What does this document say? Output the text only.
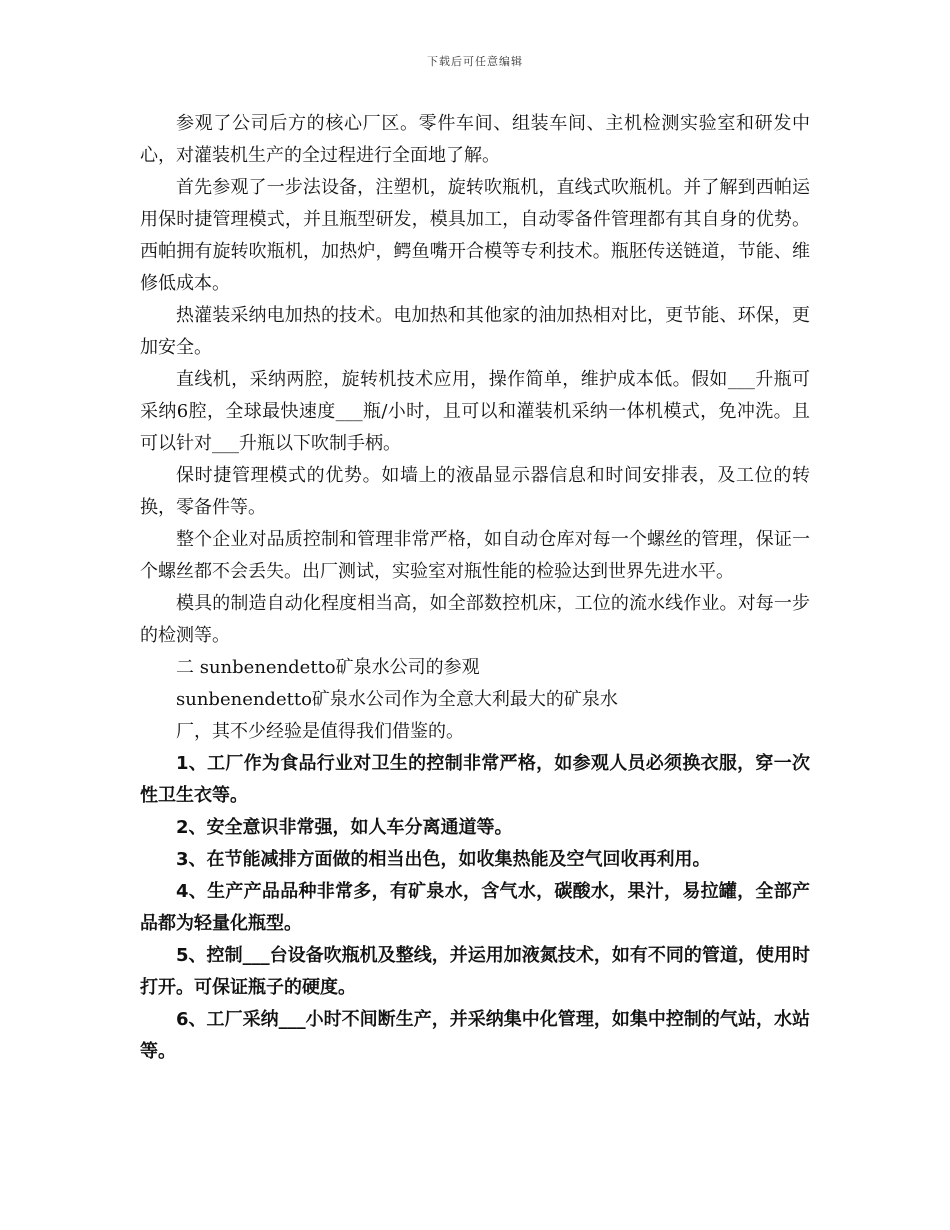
下载后可任意编辑

参观了公司后方的核心厂区。零件车间、组装车间、主机检测实验室和研发中心，对灌装机生产的全过程进行全面地了解。

首先参观了一步法设备，注塑机，旋转吹瓶机，直线式吹瓶机。并了解到西帕运用保时捷管理模式，并且瓶型研发，模具加工，自动零备件管理都有其自身的优势。西帕拥有旋转吹瓶机，加热炉，鳄鱼嘴开合模等专利技术。瓶胚传送链道，节能、维修低成本。

热灌装采纳电加热的技术。电加热和其他家的油加热相对比，更节能、环保，更加安全。

直线机，采纳两腔，旋转机技术应用，操作简单，维护成本低。假如___升瓶可采纳6腔，全球最快速度___瓶/小时，且可以和灌装机采纳一体机模式，免冲洗。且可以针对___升瓶以下吹制手柄。

保时捷管理模式的优势。如墙上的液晶显示器信息和时间安排表，及工位的转换，零备件等。

整个企业对品质控制和管理非常严格，如自动仓库对每一个螺丝的管理，保证一个螺丝都不会丢失。出厂测试，实验室对瓶性能的检验达到世界先进水平。

模具的制造自动化程度相当高，如全部数控机床，工位的流水线作业。对每一步的检测等。

二 sunbenendetto矿泉水公司的参观

sunbenendetto矿泉水公司作为全意大利最大的矿泉水

厂，其不少经验是值得我们借鉴的。

1、工厂作为食品行业对卫生的控制非常严格，如参观人员必须换衣服，穿一次性卫生衣等。

2、安全意识非常强，如人车分离通道等。

3、在节能减排方面做的相当出色，如收集热能及空气回收再利用。

4、生产产品品种非常多，有矿泉水，含气水，碳酸水，果汁，易拉罐，全部产品都为轻量化瓶型。

5、控制___台设备吹瓶机及整线，并运用加液氮技术，如有不同的管道，使用时打开。可保证瓶子的硬度。

6、工厂采纳___小时不间断生产，并采纳集中化管理，如集中控制的气站，水站等。
